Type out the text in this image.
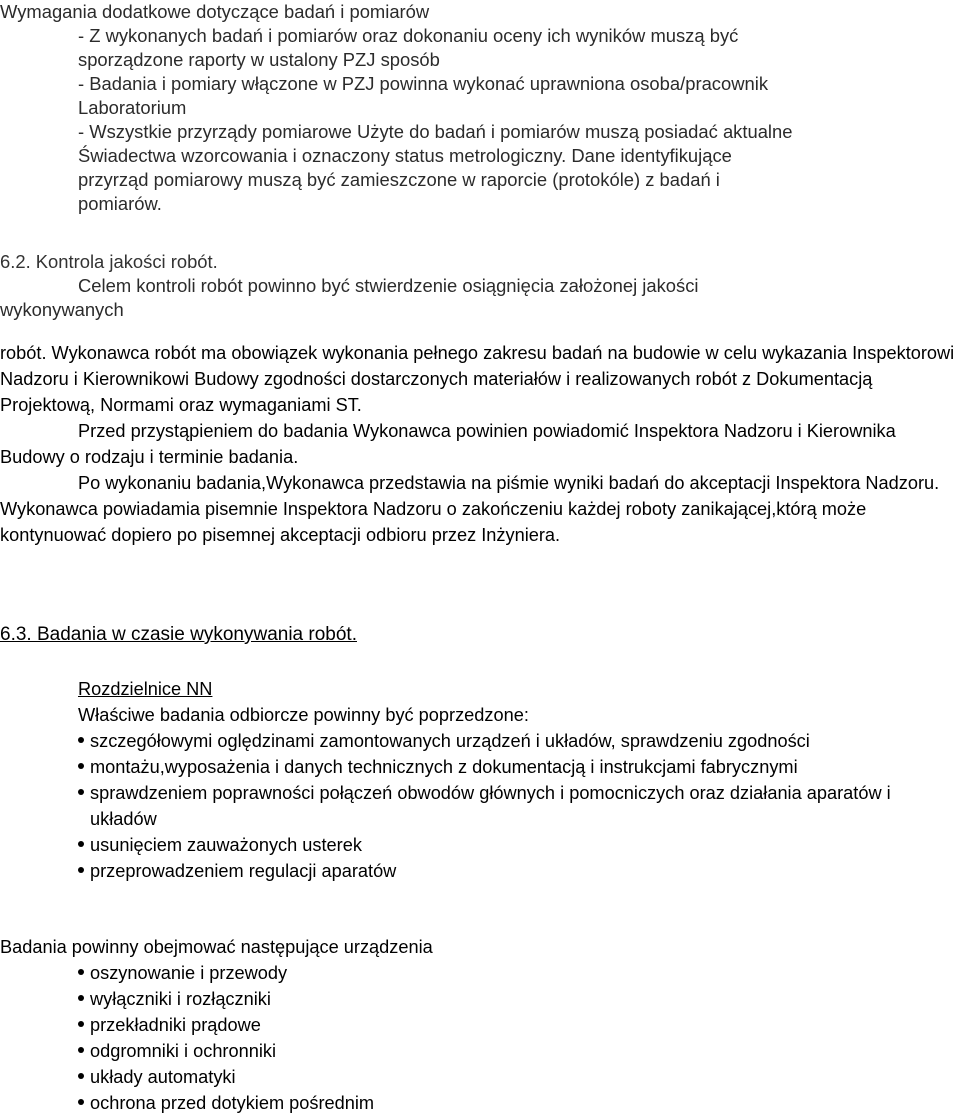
Wymagania dodatkowe dotyczące badań i pomiarów

- Z wykonanych badań i pomiarów oraz dokonaniu oceny ich wyników muszą być

sporządzone raporty w ustalony PZJ sposób

- Badania i pomiary włączone w PZJ powinna wykonać uprawniona osoba/pracownik

Laboratorium

- Wszystkie przyrządy pomiarowe Użyte do badań i pomiarów muszą posiadać aktualne

Świadectwa wzorcowania i oznaczony status metrologiczny. Dane identyfikujące

przyrząd pomiarowy muszą być zamieszczone w raporcie (protokóle) z badań i

pomiarów.

6.2. Kontrola jakości robót.

Celem kontroli robót powinno być stwierdzenie osiągnięcia założonej jakości

wykonywanych

robót. Wykonawca robót ma obowiązek wykonania pełnego zakresu badań na budowie w celu wykazania Inspektorowi Nadzoru i Kierownikowi Budowy zgodności dostarczonych materiałów i realizowanych robót z Dokumentacją Projektową, Normami oraz wymaganiami ST.

Przed przystąpieniem do badania Wykonawca powinien powiadomić Inspektora Nadzoru i Kierownika Budowy o rodzaju i terminie badania.

Po wykonaniu badania,Wykonawca przedstawia na piśmie wyniki badań do akceptacji Inspektora Nadzoru. Wykonawca powiadamia pisemnie Inspektora Nadzoru o zakończeniu każdej roboty zanikającej,którą może kontynuować dopiero po pisemnej akceptacji odbioru przez Inżyniera.

6.3. Badania w czasie wykonywania robót.

Rozdzielnice NN

Właściwe badania odbiorcze powinny być poprzedzone:

szczegółowymi oględzinami zamontowanych urządzeń i układów, sprawdzeniu zgodności
montażu,wyposażenia i danych technicznych z dokumentacją i instrukcjami fabrycznymi
sprawdzeniem poprawności połączeń obwodów głównych i pomocniczych oraz działania aparatów i układów
usunięciem zauważonych usterek
przeprowadzeniem regulacji aparatów
Badania powinny obejmować następujące urządzenia
oszynowanie i przewody
wyłączniki i rozłączniki
przekładniki prądowe
odgromniki i ochronniki
układy automatyki
ochrona przed dotykiem pośrednim
